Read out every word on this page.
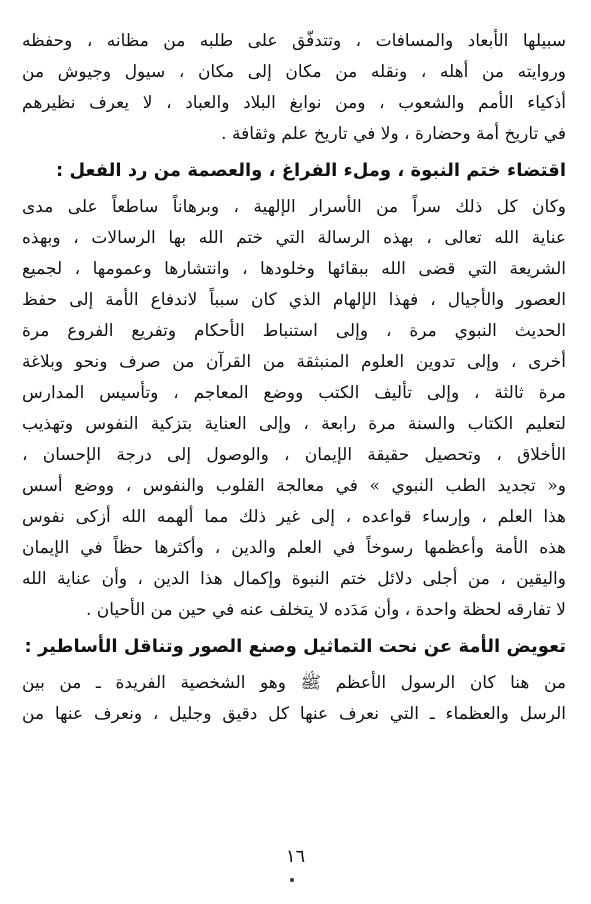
سبيلها الأبعاد والمسافات ، وتتدفّق على طلبه من مظانه ، وحفظه
وروايته من أهله ، ونقله من مكان إلى مكان ، سيول وجيوش من
أذكياء الأمم والشعوب ، ومن نوابغ البلاد والعباد ، لا يعرف نظيرهم
في تاريخ أمة وحضارة ، ولا في تاريخ علم وثقافة .
اقتضاء ختم النبوة ، وملء الفراغ ، والعصمة من رد الفعل :
وكان كل ذلك سراً من الأسرار الإلهية ، وبرهاناً ساطعاً على مدى
عناية الله تعالى ، بهذه الرسالة التي ختم الله بها الرسالات ، وبهذه
الشريعة التي قضى الله ببقائها وخلودها ، وانتشارها وعمومها ، لجميع
العصور والأجيال ، فهذا الإلهام الذي كان سبباً لاندفاع الأمة إلى حفظ
الحديث النبوي مرة ، وإلى استنباط الأحكام وتفريع الفروع مرة
أخرى ، وإلى تدوين العلوم المنبثقة من القرآن من صرف ونحو وبلاغة
مرة ثالثة ، وإلى تأليف الكتب ووضع المعاجم ، وتأسيس المدارس
لتعليم الكتاب والسنة مرة رابعة ، وإلى العناية بتزكية النفوس وتهذيب
الأخلاق ، وتحصيل حقيقة الإيمان ، والوصول إلى درجة الإحسان ،
و« تجديد الطب النبوي » في معالجة القلوب والنفوس ، ووضع أسس
هذا العلم ، وإرساء قواعده ، إلى غير ذلك مما ألهمه الله أزكى نفوس
هذه الأمة وأعظمها رسوخاً في العلم والدين ، وأكثرها حظاً في الإيمان
واليقين ، من أجلى دلائل ختم النبوة وإكمال هذا الدين ، وأن عناية الله
لا تفارقه لحظة واحدة ، وأن مَدَده لا يتخلف عنه في حين من الأحيان .
تعويض الأمة عن نحت التماثيل وصنع الصور وتناقل الأساطير :
من هنا كان الرسول الأعظم ﷺ وهو الشخصية الفريدة ـ من بين
الرسل والعظماء ـ التي نعرف عنها كل دقيق وجليل ، ونعرف عنها من
١٦
